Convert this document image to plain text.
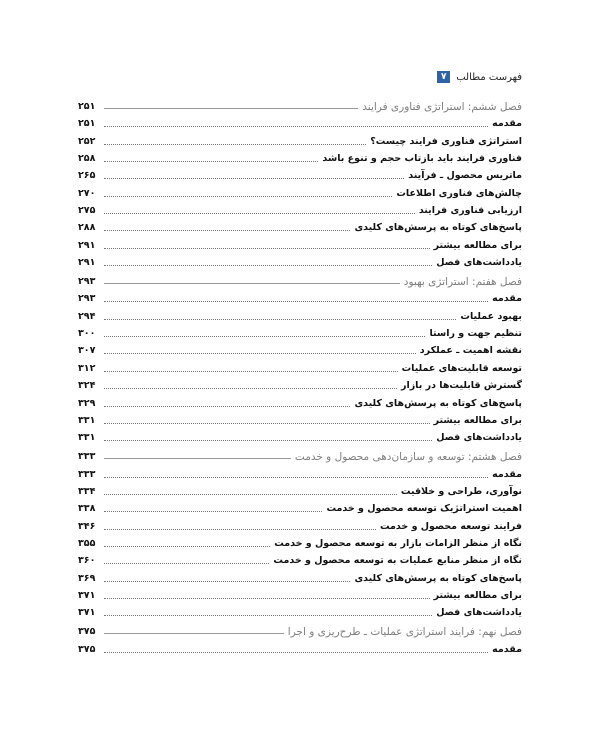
فهرست مطالب
۷
فصل ششم: استراتژی فناوری فرایند
۲۵۱
مقدمه
۲۵۱
استراتژی فناوری فرایند چیست؟
۲۵۲
فناوری فرایند باید بازتاب حجم و تنوع باشد
۲۵۸
ماتریس محصول ـ فرآیند
۲۶۵
چالش‌های فناوری اطلاعات
۲۷۰
ارزیابی فناوری فرایند
۲۷۵
پاسخ‌های کوتاه به پرسش‌های کلیدی
۲۸۸
برای مطالعه بیشتر
۲۹۱
یادداشت‌های فصل
۲۹۱
فصل هفتم: استراتژی بهبود
۲۹۳
مقدمه
۲۹۳
بهبود عملیات
۲۹۴
تنظیم جهت و راستا
۳۰۰
نقشه اهمیت ـ عملکرد
۳۰۷
توسعه قابلیت‌های عملیات
۳۱۲
گسترش قابلیت‌ها در بازار
۳۲۴
پاسخ‌های کوتاه به پرسش‌های کلیدی
۳۲۹
برای مطالعه بیشتر
۳۳۱
یادداشت‌های فصل
۳۳۱
فصل هشتم: توسعه و سازمان‌دهی محصول و خدمت
۳۳۳
مقدمه
۳۳۳
نوآوری، طراحی و خلاقیت
۳۳۴
اهمیت استراتژیک توسعه محصول و خدمت
۳۳۸
فرایند توسعه محصول و خدمت
۳۴۶
نگاه از منظر الزامات بازار به توسعه محصول و خدمت
۳۵۵
نگاه از منظر منابع عملیات به توسعه محصول و خدمت
۳۶۰
پاسخ‌های کوتاه به پرسش‌های کلیدی
۳۶۹
برای مطالعه بیشتر
۳۷۱
یادداشت‌های فصل
۳۷۱
فصل نهم: فرایند استراتژی عملیات ـ طرح‌ریزی و اجرا
۳۷۵
مقدمه
۳۷۵
